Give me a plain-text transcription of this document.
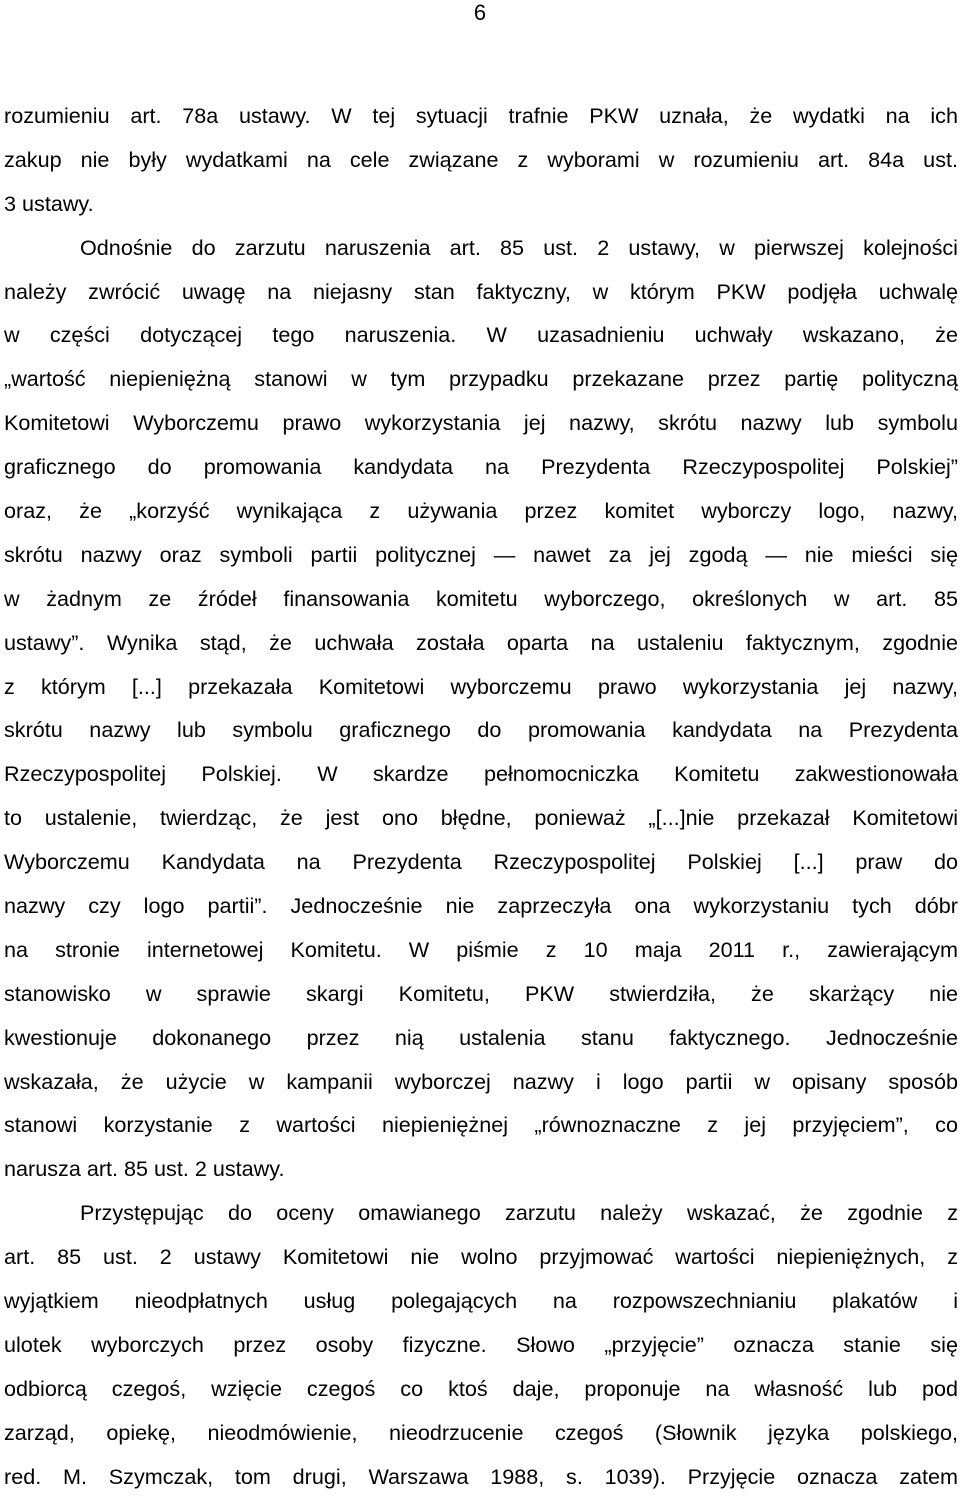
6
rozumieniu art. 78a ustawy. W tej sytuacji trafnie PKW uznała, że wydatki na ich
zakup nie były wydatkami na cele związane z wyborami w rozumieniu art. 84a ust.
3 ustawy.
Odnośnie do zarzutu naruszenia art. 85 ust. 2 ustawy, w pierwszej kolejności
należy zwrócić uwagę na niejasny stan faktyczny, w którym PKW podjęła uchwalę
w części dotyczącej tego naruszenia. W uzasadnieniu uchwały wskazano, że
„wartość niepieniężną stanowi w tym przypadku przekazane przez partię polityczną
Komitetowi Wyborczemu prawo wykorzystania jej nazwy, skrótu nazwy lub symbolu
graficznego do promowania kandydata na Prezydenta Rzeczypospolitej Polskiej”
oraz, że „korzyść wynikająca z używania przez komitet wyborczy logo, nazwy,
skrótu nazwy oraz symboli partii politycznej — nawet za jej zgodą — nie mieści się
w żadnym ze źródeł finansowania komitetu wyborczego, określonych w art. 85
ustawy”. Wynika stąd, że uchwała została oparta na ustaleniu faktycznym, zgodnie
z którym [...] przekazała Komitetowi wyborczemu prawo wykorzystania jej nazwy,
skrótu nazwy lub symbolu graficznego do promowania kandydata na Prezydenta
Rzeczypospolitej Polskiej. W skardze pełnomocniczka Komitetu zakwestionowała
to ustalenie, twierdząc, że jest ono błędne, ponieważ „[...]nie przekazał Komitetowi
Wyborczemu Kandydata na Prezydenta Rzeczypospolitej Polskiej [...] praw do
nazwy czy logo partii”. Jednocześnie nie zaprzeczyła ona wykorzystaniu tych dóbr
na stronie internetowej Komitetu. W piśmie z 10 maja 2011 r., zawierającym
stanowisko w sprawie skargi Komitetu, PKW stwierdziła, że skarżący nie
kwestionuje dokonanego przez nią ustalenia stanu faktycznego. Jednocześnie
wskazała, że użycie w kampanii wyborczej nazwy i logo partii w opisany sposób
stanowi korzystanie z wartości niepieniężnej „równoznaczne z jej przyjęciem”, co
narusza art. 85 ust. 2 ustawy.
Przystępując do oceny omawianego zarzutu należy wskazać, że zgodnie z
art. 85 ust. 2 ustawy Komitetowi nie wolno przyjmować wartości niepieniężnych, z
wyjątkiem nieodpłatnych usług polegających na rozpowszechnianiu plakatów i
ulotek wyborczych przez osoby fizyczne. Słowo „przyjęcie” oznacza stanie się
odbiorcą czegoś, wzięcie czegoś co ktoś daje, proponuje na własność lub pod
zarząd, opiekę, nieodmówienie, nieodrzucenie czegoś (Słownik języka polskiego,
red. M. Szymczak, tom drugi, Warszawa 1988, s. 1039). Przyjęcie oznacza zatem
